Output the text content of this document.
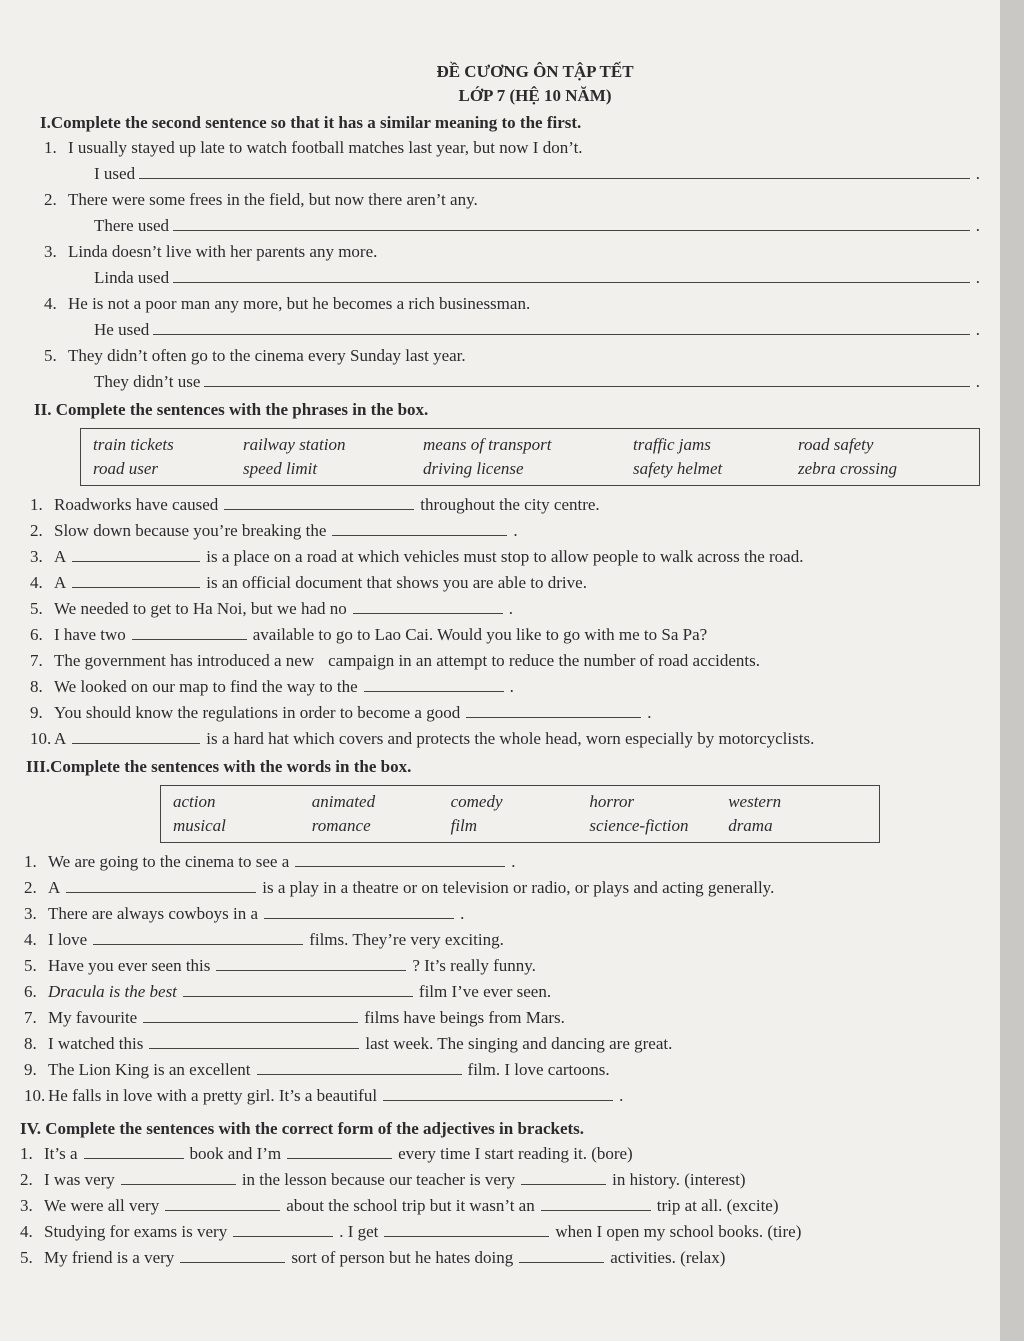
ĐỀ CƯƠNG ÔN TẬP TẾT
LỚP 7 (HỆ 10 NĂM)
I.Complete the second sentence so that it has a similar meaning to the first.
1. I usually stayed up late to watch football matches last year, but now I don’t.
I used	.
2. There were some frees in the field, but now there aren’t any.
There used	.
3. Linda doesn’t live with her parents any more.
Linda used	.
4. He is not a poor man any more, but he becomes a rich businessman.
He used	.
5. They didn’t often go to the cinema every Sunday last year.
They didn’t use	.
II. Complete the sentences with the phrases in the box.
train tickets	railway station	means of transport	traffic jams	road safety
road user	speed limit	driving license	safety helmet	zebra crossing
1. Roadworks have caused	throughout the city centre.
2. Slow down because you’re breaking the	.
3. A	is a place on a road at which vehicles must stop to allow people to walk across the road.
4. A	is an official document that shows you are able to drive.
5. We needed to get to Ha Noi, but we had no	.
6. I have two	available to go to Lao Cai. Would you like to go with me to Sa Pa?
7. The government has introduced a new campaign in an attempt to reduce the number of road accidents.
8. We looked on our map to find the way to the	.
9. You should know the regulations in order to become a good	.
10. A	is a hard hat which covers and protects the whole head, worn especially by motorcyclists.
III.Complete the sentences with the words in the box.
action	animated	comedy	horror	western
musical	romance	film	science-fiction	drama
1. We are going to the cinema to see a	.
2. A	is a play in a theatre or on television or radio, or plays and acting generally.
3. There are always cowboys in a	.
4. I love	films. They’re very exciting.
5. Have you ever seen this	? It’s really funny.
6. Dracula is the best	film I’ve ever seen.
7. My favourite	films have beings from Mars.
8. I watched this	last week. The singing and dancing are great.
9. The Lion King is an excellent	film. I love cartoons.
10. He falls in love with a pretty girl. It’s a beautiful	.
IV. Complete the sentences with the correct form of the adjectives in brackets.
1. It’s a	book and I’m	every time I start reading it. (bore)
2. I was very	in the lesson because our teacher is very	in history. (interest)
3. We were all very	about the school trip but it wasn’t an	trip at all. (excite)
4. Studying for exams is very	. I get	when I open my school books. (tire)
5. My friend is a very	sort of person but he hates doing	activities. (relax)
